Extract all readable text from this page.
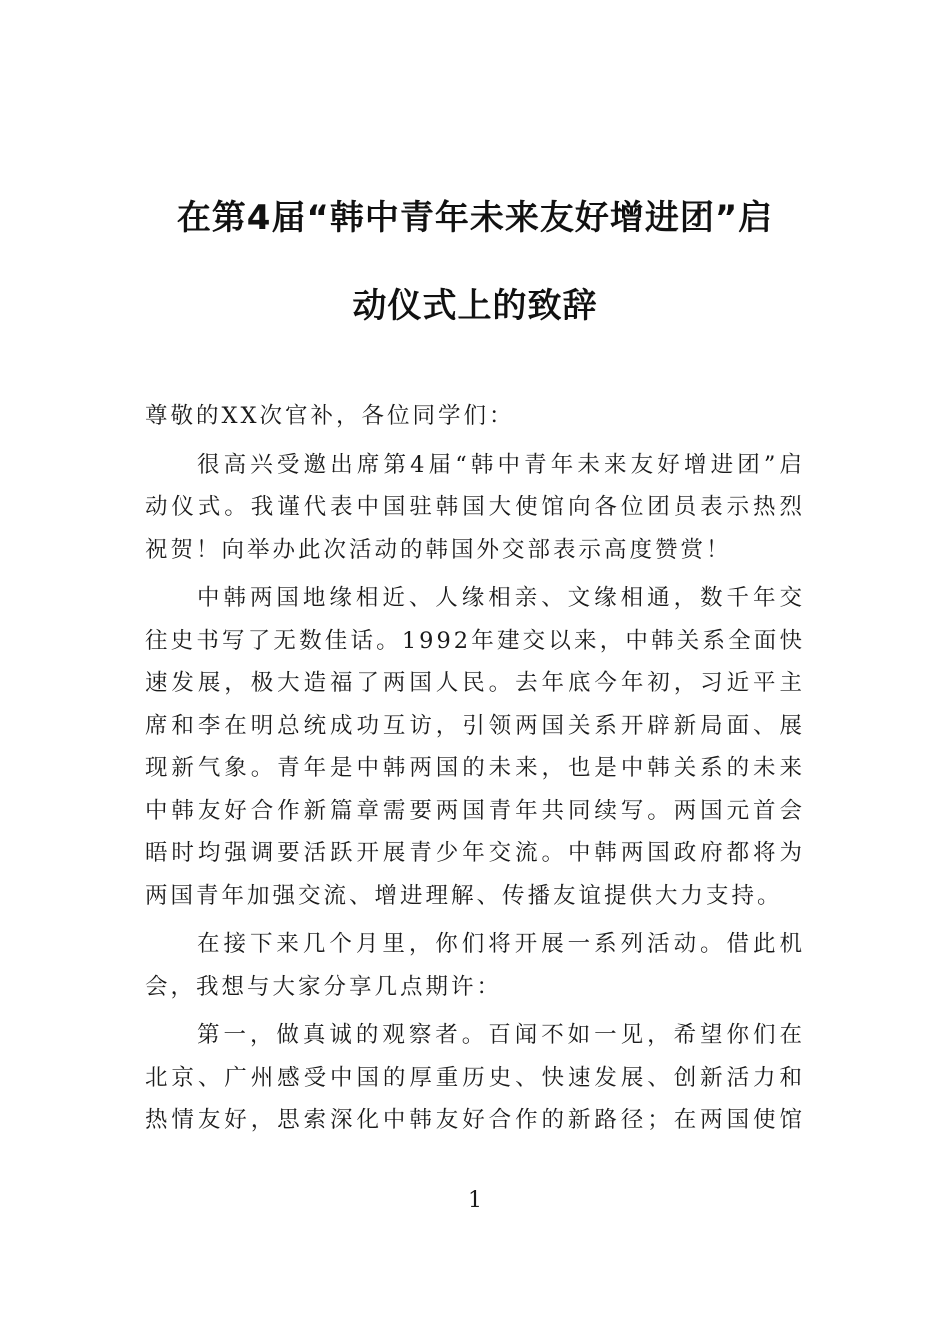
在第4届“韩中青年未来友好增进团”启
动仪式上的致辞
尊敬的XX次官补，各位同学们：
很高兴受邀出席第4届“韩中青年未来友好增进团”启
动仪式。我谨代表中国驻韩国大使馆向各位团员表示热烈
祝贺！向举办此次活动的韩国外交部表示高度赞赏！
中韩两国地缘相近、人缘相亲、文缘相通，数千年交
往史书写了无数佳话。1992年建交以来，中韩关系全面快
速发展，极大造福了两国人民。去年底今年初，习近平主
席和李在明总统成功互访，引领两国关系开辟新局面、展
现新气象。青年是中韩两国的未来，也是中韩关系的未来
中韩友好合作新篇章需要两国青年共同续写。两国元首会
晤时均强调要活跃开展青少年交流。中韩两国政府都将为
两国青年加强交流、增进理解、传播友谊提供大力支持。
在接下来几个月里，你们将开展一系列活动。借此机
会，我想与大家分享几点期许：
第一，做真诚的观察者。百闻不如一见，希望你们在
北京、广州感受中国的厚重历史、快速发展、创新活力和
热情友好，思索深化中韩友好合作的新路径；在两国使馆
1
